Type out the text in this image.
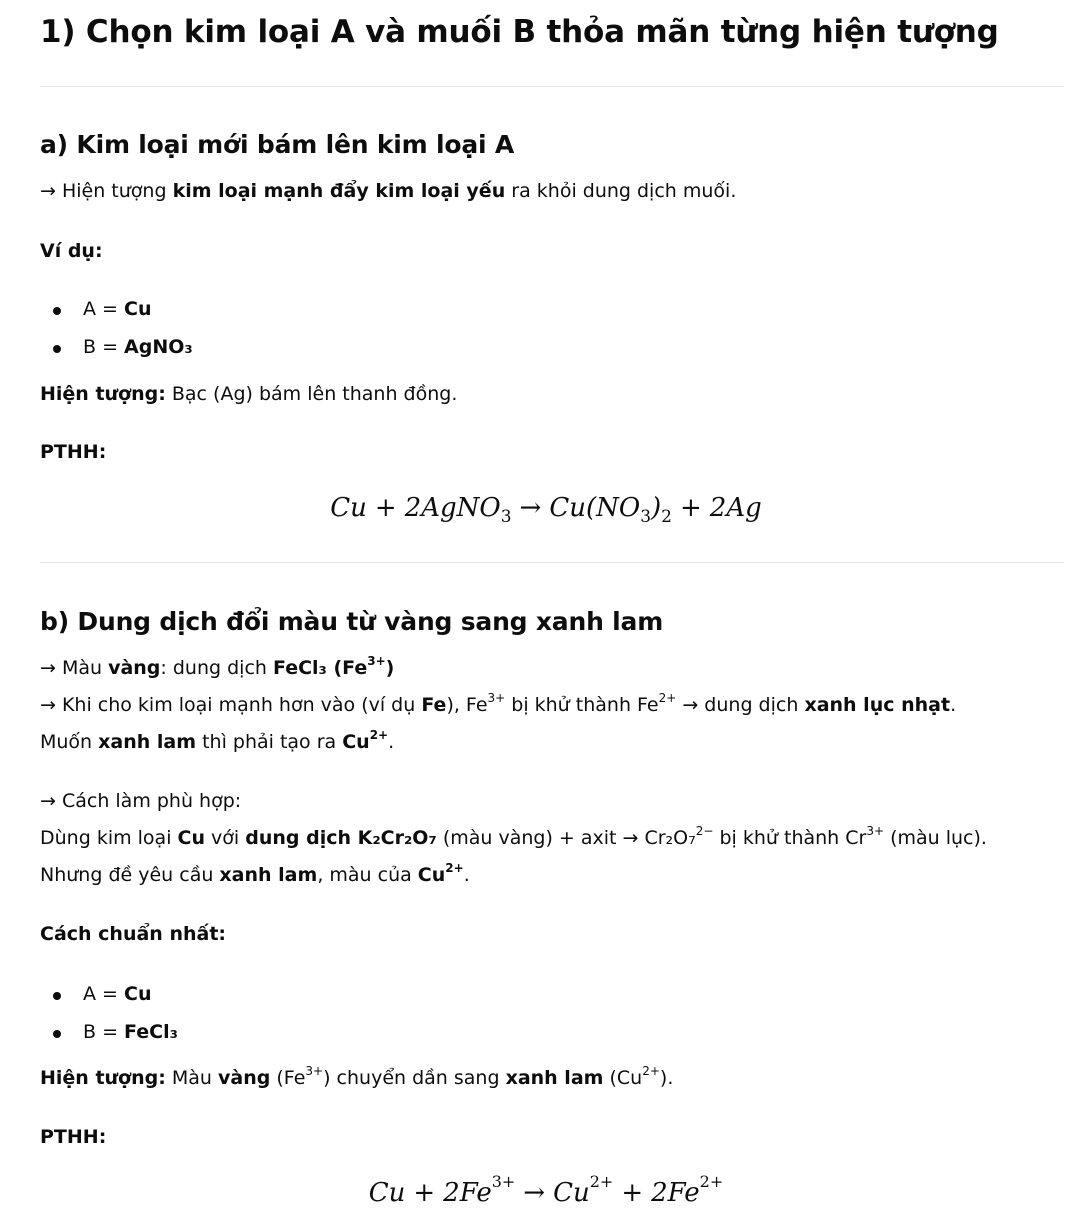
1) Chọn kim loại A và muối B thỏa mãn từng hiện tượng
a) Kim loại mới bám lên kim loại A

→ Hiện tượng kim loại mạnh đẩy kim loại yếu ra khỏi dung dịch muối.

Ví dụ:

A = Cu
B = AgNO₃

Hiện tượng: Bạc (Ag) bám lên thanh đồng.

PTHH:

Cu + 2AgNO$_3$ → $Cu(NO_3)_2 + 2Ag$
b) Dung dịch đổi màu từ vàng sang xanh lam

→ Màu vàng: dung dịch FeCl₃ $(Fe^{3+})$

→ Khi cho kim loại mạnh hơn vào (ví dụ Fe), $Fe^{3+}$ bị khử thành $Fe^{2+}$ → dung dịch xanh lục nhạt.

Muốn xanh lam thì phải tạo ra $Cu^{2+}$.

→ Cách làm phù hợp:

Dùng kim loại Cu với dung dịch K₂Cr₂O₇ (màu vàng) + axit → Cr₂O₇$^{2-}$ bị khử thành $Cr^{3+}$ (màu lục).

Nhưng đề yêu cầu xanh lam, màu của $Cu^{2+}$.

Cách chuẩn nhất:

A = Cu
B = FeCl₃

Hiện tượng: Màu vàng $(Fe^{3+})$ chuyển dần sang xanh lam $(Cu^{2+})$.

PTHH:

$Cu + 2Fe^{3+} \to Cu^{2+} + 2Fe^{2+}$
